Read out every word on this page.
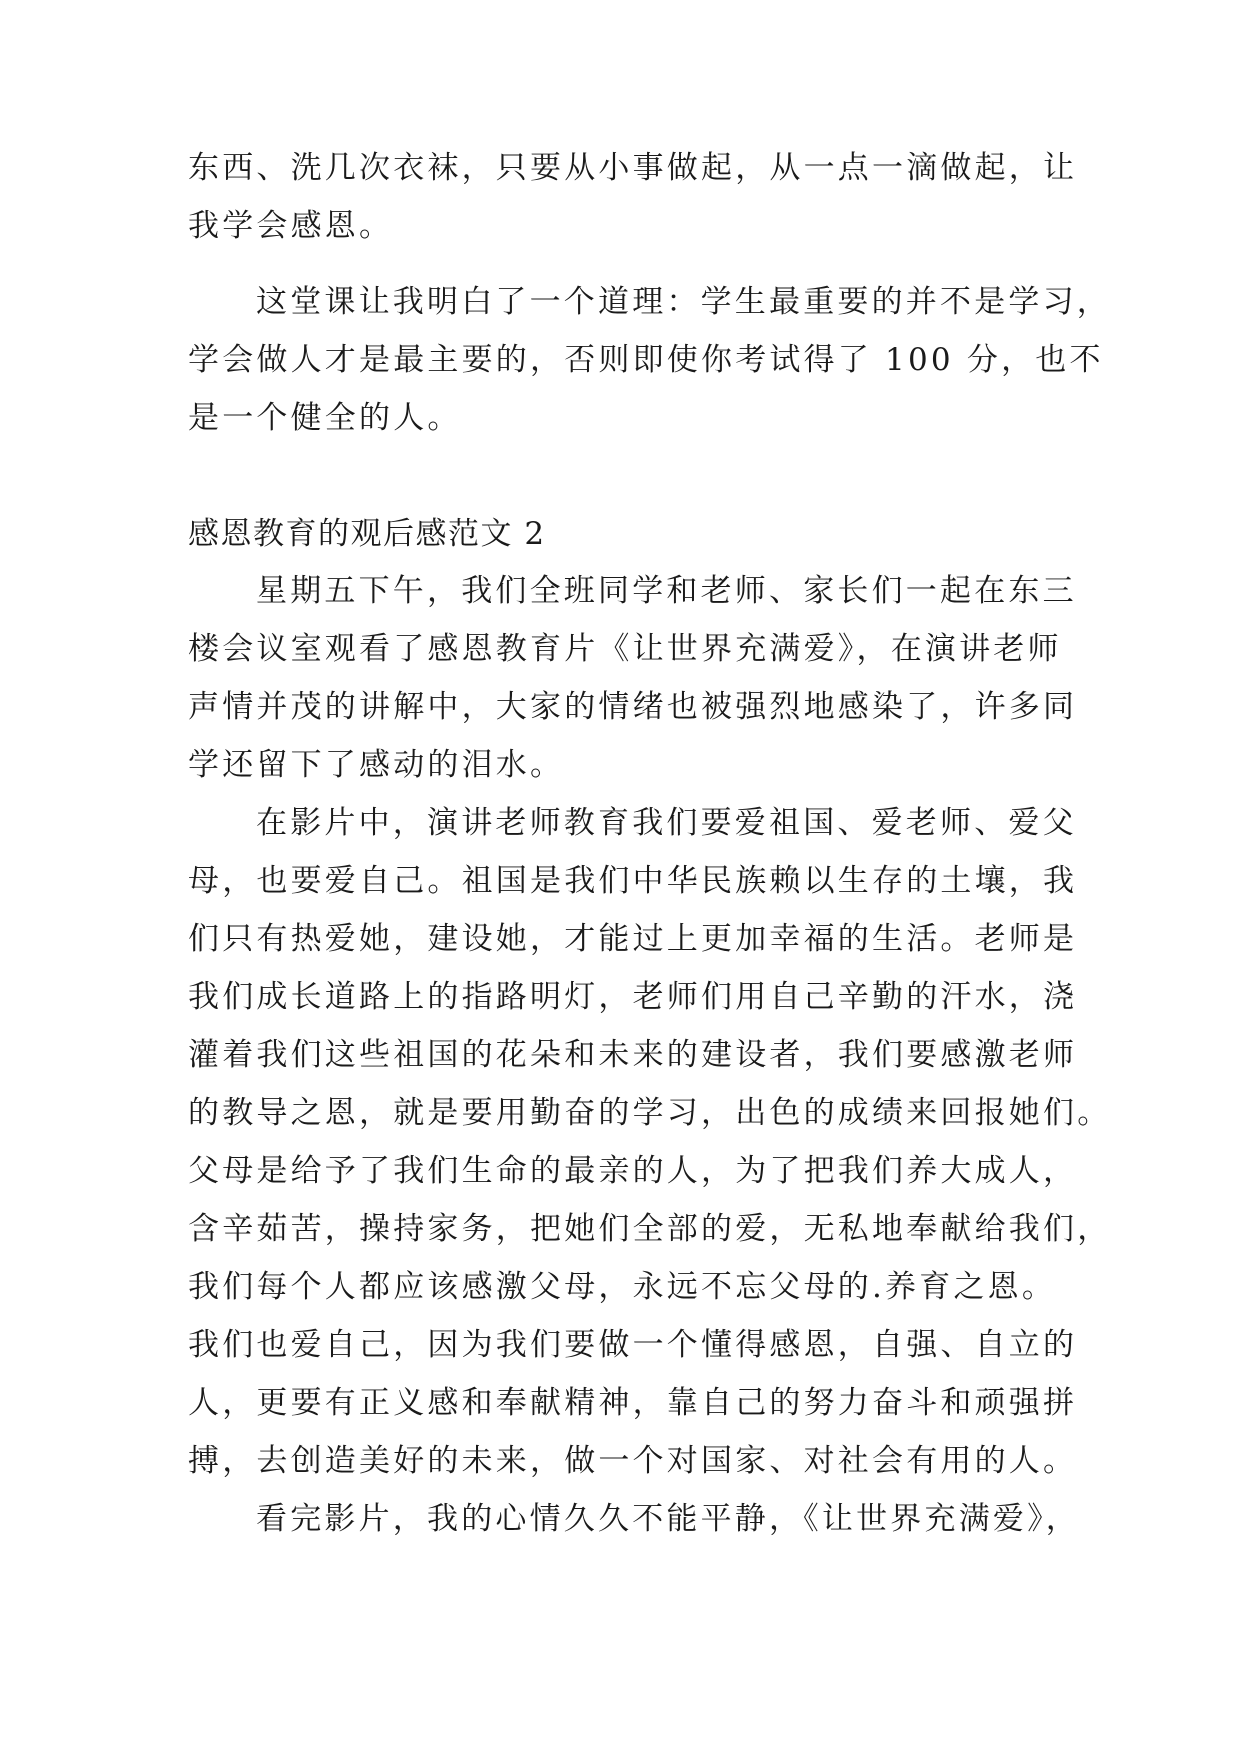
东西、洗几次衣袜，只要从小事做起，从一点一滴做起，让

我学会感恩。

这堂课让我明白了一个道理：学生最重要的并不是学习，

学会做人才是最主要的，否则即使你考试得了 100 分，也不

是一个健全的人。

感恩教育的观后感范文 2

星期五下午，我们全班同学和老师、家长们一起在东三

楼会议室观看了感恩教育片《让世界充满爱》，在演讲老师

声情并茂的讲解中，大家的情绪也被强烈地感染了，许多同

学还留下了感动的泪水。

在影片中，演讲老师教育我们要爱祖国、爱老师、爱父

母，也要爱自己。祖国是我们中华民族赖以生存的土壤，我

们只有热爱她，建设她，才能过上更加幸福的生活。老师是

我们成长道路上的指路明灯，老师们用自己辛勤的汗水，浇

灌着我们这些祖国的花朵和未来的建设者，我们要感激老师

的教导之恩，就是要用勤奋的学习，出色的成绩来回报她们。

父母是给予了我们生命的最亲的人，为了把我们养大成人，

含辛茹苦，操持家务，把她们全部的爱，无私地奉献给我们，

我们每个人都应该感激父母，永远不忘父母的.养育之恩。

我们也爱自己，因为我们要做一个懂得感恩，自强、自立的

人，更要有正义感和奉献精神，靠自己的努力奋斗和顽强拼

搏，去创造美好的未来，做一个对国家、对社会有用的人。

看完影片，我的心情久久不能平静，《让世界充满爱》，
